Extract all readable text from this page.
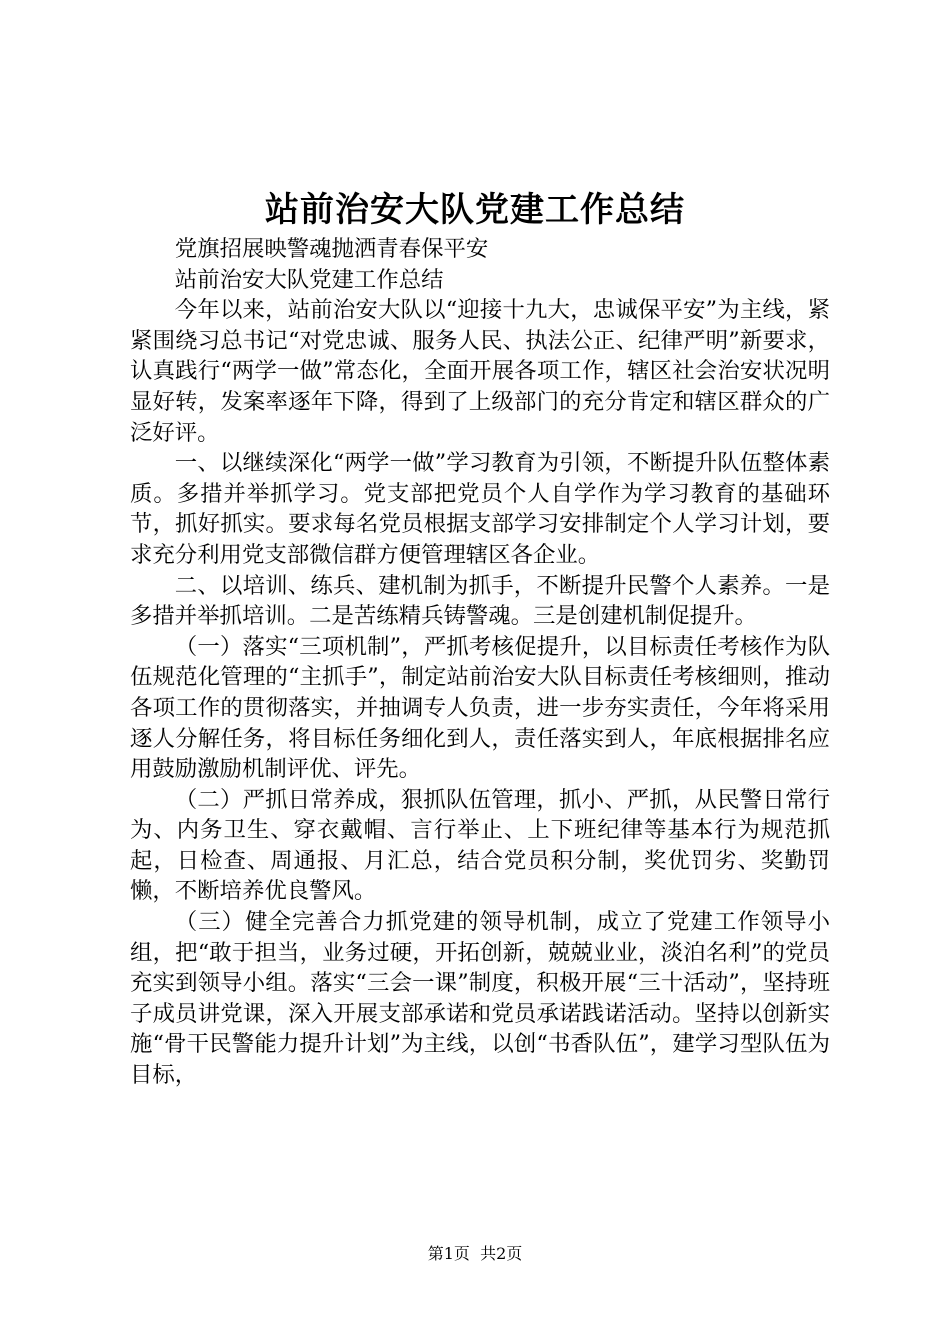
站前治安大队党建工作总结

党旗招展映警魂抛洒青春保平安

站前治安大队党建工作总结

今年以来，站前治安大队以“迎接十九大，忠诚保平安”为主线，紧紧围绕习总书记“对党忠诚、服务人民、执法公正、纪律严明”新要求，认真践行“两学一做”常态化，全面开展各项工作，辖区社会治安状况明显好转，发案率逐年下降，得到了上级部门的充分肯定和辖区群众的广泛好评。

一、以继续深化“两学一做”学习教育为引领，不断提升队伍整体素质。多措并举抓学习。党支部把党员个人自学作为学习教育的基础环节，抓好抓实。要求每名党员根据支部学习安排制定个人学习计划，要求充分利用党支部微信群方便管理辖区各企业。

二、以培训、练兵、建机制为抓手，不断提升民警个人素养。一是多措并举抓培训。二是苦练精兵铸警魂。三是创建机制促提升。

（一）落实“三项机制”，严抓考核促提升，以目标责任考核作为队伍规范化管理的“主抓手”，制定站前治安大队目标责任考核细则，推动各项工作的贯彻落实，并抽调专人负责，进一步夯实责任，今年将采用逐人分解任务，将目标任务细化到人，责任落实到人，年底根据排名应用鼓励激励机制评优、评先。

（二）严抓日常养成，狠抓队伍管理，抓小、严抓，从民警日常行为、内务卫生、穿衣戴帽、言行举止、上下班纪律等基本行为规范抓起，日检查、周通报、月汇总，结合党员积分制，奖优罚劣、奖勤罚懒，不断培养优良警风。

（三）健全完善合力抓党建的领导机制，成立了党建工作领导小组，把“敢于担当，业务过硬，开拓创新，兢兢业业，淡泊名利”的党员充实到领导小组。落实“三会一课”制度，积极开展“三十活动”，坚持班子成员讲党课，深入开展支部承诺和党员承诺践诺活动。坚持以创新实施“骨干民警能力提升计划”为主线，以创“书香队伍”，建学习型队伍为目标，

第1页  共2页
